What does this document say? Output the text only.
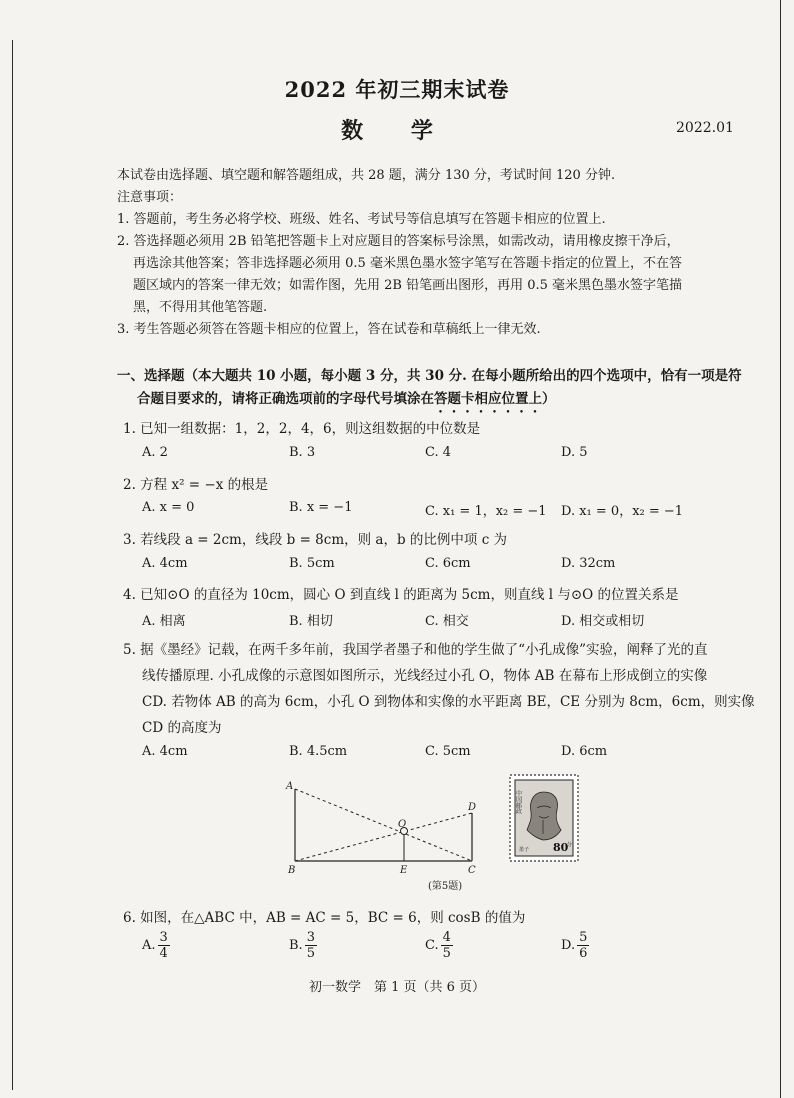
2022 年初三期末试卷
数 学	2022.01
本试卷由选择题、填空题和解答题组成，共 28 题，满分 130 分，考试时间 120 分钟.
注意事项：
1. 答题前，考生务必将学校、班级、姓名、考试号等信息填写在答题卡相应的位置上.
2. 答选择题必须用 2B 铅笔把答题卡上对应题目的答案标号涂黑，如需改动，请用橡皮擦干净后，
再选涂其他答案；答非选择题必须用 0.5 毫米黑色墨水签字笔写在答题卡指定的位置上，不在答
题区域内的答案一律无效；如需作图，先用 2B 铅笔画出图形，再用 0.5 毫米黑色墨水签字笔描
黑，不得用其他笔答题.
3. 考生答题必须答在答题卡相应的位置上，答在试卷和草稿纸上一律无效.
一、选择题（本大题共 10 小题，每小题 3 分，共 30 分. 在每小题所给出的四个选项中，恰有一项是符
合题目要求的，请将正确选项前的字母代号填涂在答题卡相应位置上）
1. 已知一组数据：1，2，2，4，6，则这组数据的中位数是
A. 2	B. 3	C. 4	D. 5
2. 方程 x² = −x 的根是
A. x = 0	B. x = −1	C. x₁ = 1，x₂ = −1 D. x₁ = 0，x₂ = −1
3. 若线段 a = 2cm，线段 b = 8cm，则 a，b 的比例中项 c 为
A. 4cm	B. 5cm	C. 6cm	D. 32cm
4. 已知⊙O 的直径为 10cm，圆心 O 到直线 l 的距离为 5cm，则直线 l 与⊙O 的位置关系是
A. 相离	B. 相切	C. 相交	D. 相交或相切
5. 据《墨经》记载，在两千多年前，我国学者墨子和他的学生做了“小孔成像”实验，阐释了光的直
线传播原理. 小孔成像的示意图如图所示，光线经过小孔 O，物体 AB 在幕布上形成倒立的实像
CD. 若物体 AB 的高为 6cm，小孔 O 到物体和实像的水平距离 BE，CE 分别为 8cm，6cm，则实像
CD 的高度为
A. 4cm	B. 4.5cm	C. 5cm	D. 6cm
A
B	C
D
E
O
(第5题)
中国邮政
80
分
墨子
6. 如图，在△ABC 中，AB = AC = 5，BC = 6，则 cosB 的值为
A. $\frac{3}{4}$	B. $\frac{3}{5}$	C. $\frac{4}{5}$	D. $\frac{5}{6}$
初一数学　第 1 页（共 6 页）
